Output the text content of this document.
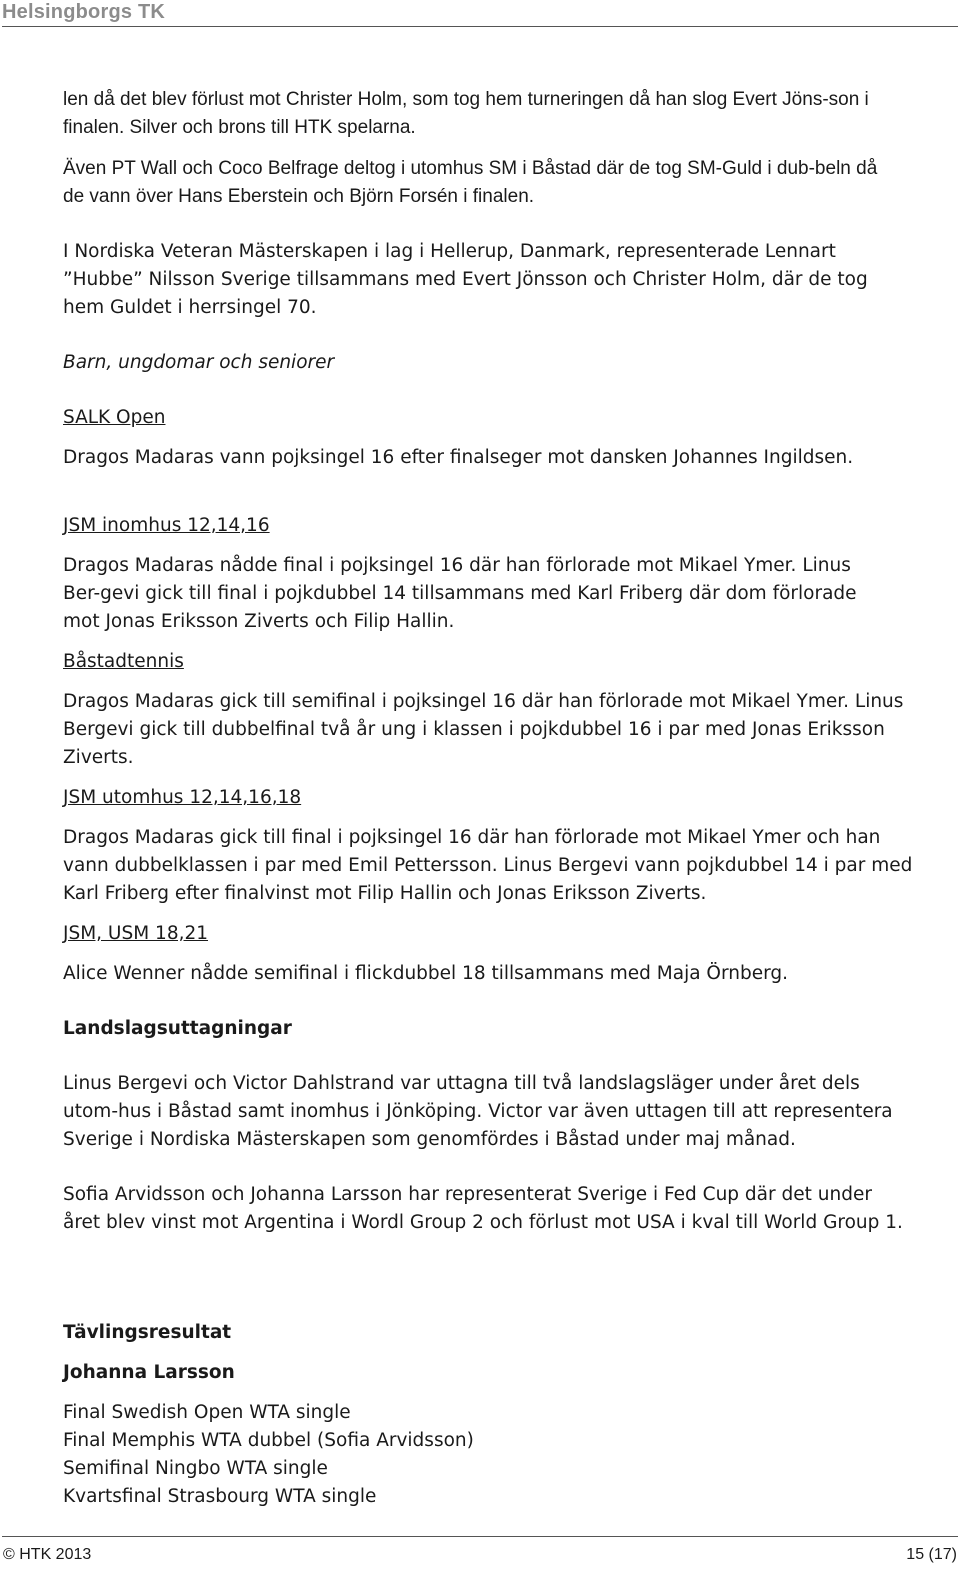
Helsingborgs TK

len då det blev förlust mot Christer Holm, som tog hem turneringen då han slog Evert Jöns-son i finalen. Silver och brons till HTK spelarna.

Även PT Wall och Coco Belfrage deltog i utomhus SM i Båstad där de tog SM-Guld i dub-beln då de vann över Hans Eberstein och Björn Forsén i finalen.

I Nordiska Veteran Mästerskapen i lag i Hellerup, Danmark, representerade Lennart ”Hubbe” Nilsson Sverige tillsammans med Evert Jönsson och Christer Holm, där de tog hem Guldet i herrsingel 70.

Barn, ungdomar och seniorer

SALK Open

Dragos Madaras vann pojksingel 16 efter finalseger mot dansken Johannes Ingildsen.

JSM inomhus 12,14,16

Dragos Madaras nådde final i pojksingel 16 där han förlorade mot Mikael Ymer. Linus Ber-gevi gick till final i pojkdubbel 14 tillsammans med Karl Friberg där dom förlorade mot Jonas Eriksson Ziverts och Filip Hallin.

Båstadtennis

Dragos Madaras gick till semifinal i pojksingel 16 där han förlorade mot Mikael Ymer. Linus Bergevi gick till dubbelfinal två år ung i klassen i pojkdubbel 16 i par med Jonas Eriksson Ziverts.

JSM utomhus 12,14,16,18

Dragos Madaras gick till final i pojksingel 16 där han förlorade mot Mikael Ymer och han vann dubbelklassen i par med Emil Pettersson. Linus Bergevi vann pojkdubbel 14 i par med Karl Friberg efter finalvinst mot Filip Hallin och Jonas Eriksson Ziverts.

JSM, USM 18,21

Alice Wenner nådde semifinal i flickdubbel 18 tillsammans med Maja Örnberg.

Landslagsuttagningar

Linus Bergevi och Victor Dahlstrand var uttagna till två landslagsläger under året dels utom-hus i Båstad samt inomhus i Jönköping. Victor var även uttagen till att representera Sverige i Nordiska Mästerskapen som genomfördes i Båstad under maj månad.

Sofia Arvidsson och Johanna Larsson har representerat Sverige i Fed Cup där det under året blev vinst mot Argentina i Wordl Group 2 och förlust mot USA i kval till World Group 1.

Tävlingsresultat

Johanna Larsson

Final Swedish Open WTA single

Final Memphis WTA dubbel (Sofia Arvidsson)

Semifinal Ningbo WTA single

Kvartsfinal Strasbourg WTA single

© HTK 2013	15 (17)
